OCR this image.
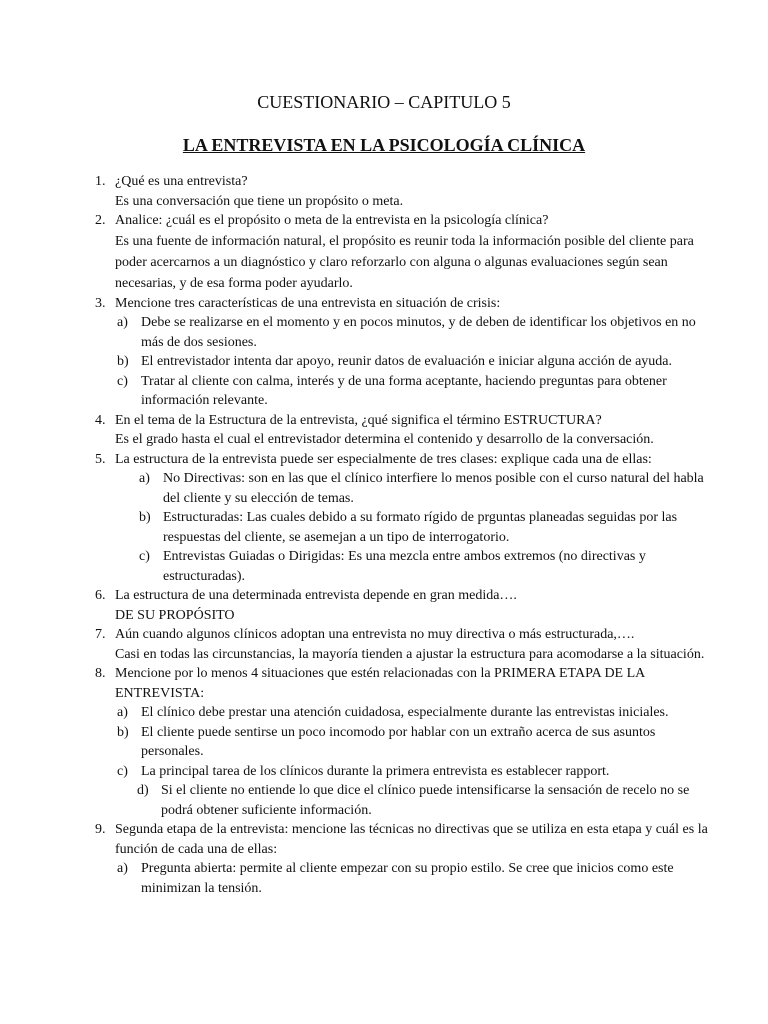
CUESTIONARIO – CAPITULO 5
LA ENTREVISTA EN LA PSICOLOGÍA CLÍNICA
1. ¿Qué es una entrevista?
Es una conversación que tiene un propósito o meta.
2. Analice: ¿cuál es el propósito o meta de la entrevista en la psicología clínica?
Es una fuente de información natural, el propósito es reunir toda la información posible del cliente para poder acercarnos a un diagnóstico y claro reforzarlo con alguna o algunas evaluaciones según sean necesarias, y de esa forma poder ayudarlo.
3. Mencione tres características de una entrevista en situación de crisis:
a) Debe se realizarse en el momento y en pocos minutos, y de deben de identificar los objetivos en no más de dos sesiones.
b) El entrevistador intenta dar apoyo, reunir datos de evaluación e iniciar alguna acción de ayuda.
c) Tratar al cliente con calma, interés y de una forma aceptante, haciendo preguntas para obtener información relevante.
4. En el tema de la Estructura de la entrevista, ¿qué significa el término ESTRUCTURA?
Es el grado hasta el cual el entrevistador determina el contenido y desarrollo de la conversación.
5. La estructura de la entrevista puede ser especialmente de tres clases: explique cada una de ellas:
a) No Directivas: son en las que el clínico interfiere lo menos posible con el curso natural del habla del cliente y su elección de temas.
b) Estructuradas: Las cuales debido a su formato rígido de prguntas planeadas seguidas por las respuestas del cliente, se asemejan a un tipo de interrogatorio.
c) Entrevistas Guiadas o Dirigidas: Es una mezcla entre ambos extremos (no directivas y estructuradas).
6. La estructura de una determinada entrevista depende en gran medida….
DE SU PROPÓSITO
7. Aún cuando algunos clínicos adoptan una entrevista no muy directiva o más estructurada,….
Casi en todas las circunstancias, la mayoría tienden a ajustar la estructura para acomodarse a la situación.
8. Mencione por lo menos 4 situaciones que estén relacionadas con la PRIMERA ETAPA DE LA ENTREVISTA:
a) El clínico debe prestar una atención cuidadosa, especialmente durante las entrevistas iniciales.
b) El cliente puede sentirse un poco incomodo por hablar con un extraño acerca de sus asuntos personales.
c) La principal tarea de los clínicos durante la primera entrevista es establecer rapport.
d) Si el cliente no entiende lo que dice el clínico puede intensificarse la sensación de recelo no se podrá obtener suficiente información.
9. Segunda etapa de la entrevista: mencione las técnicas no directivas que se utiliza en esta etapa y cuál es la función de cada una de ellas:
a) Pregunta abierta: permite al cliente empezar con su propio estilo. Se cree que inicios como este minimizan la tensión.
